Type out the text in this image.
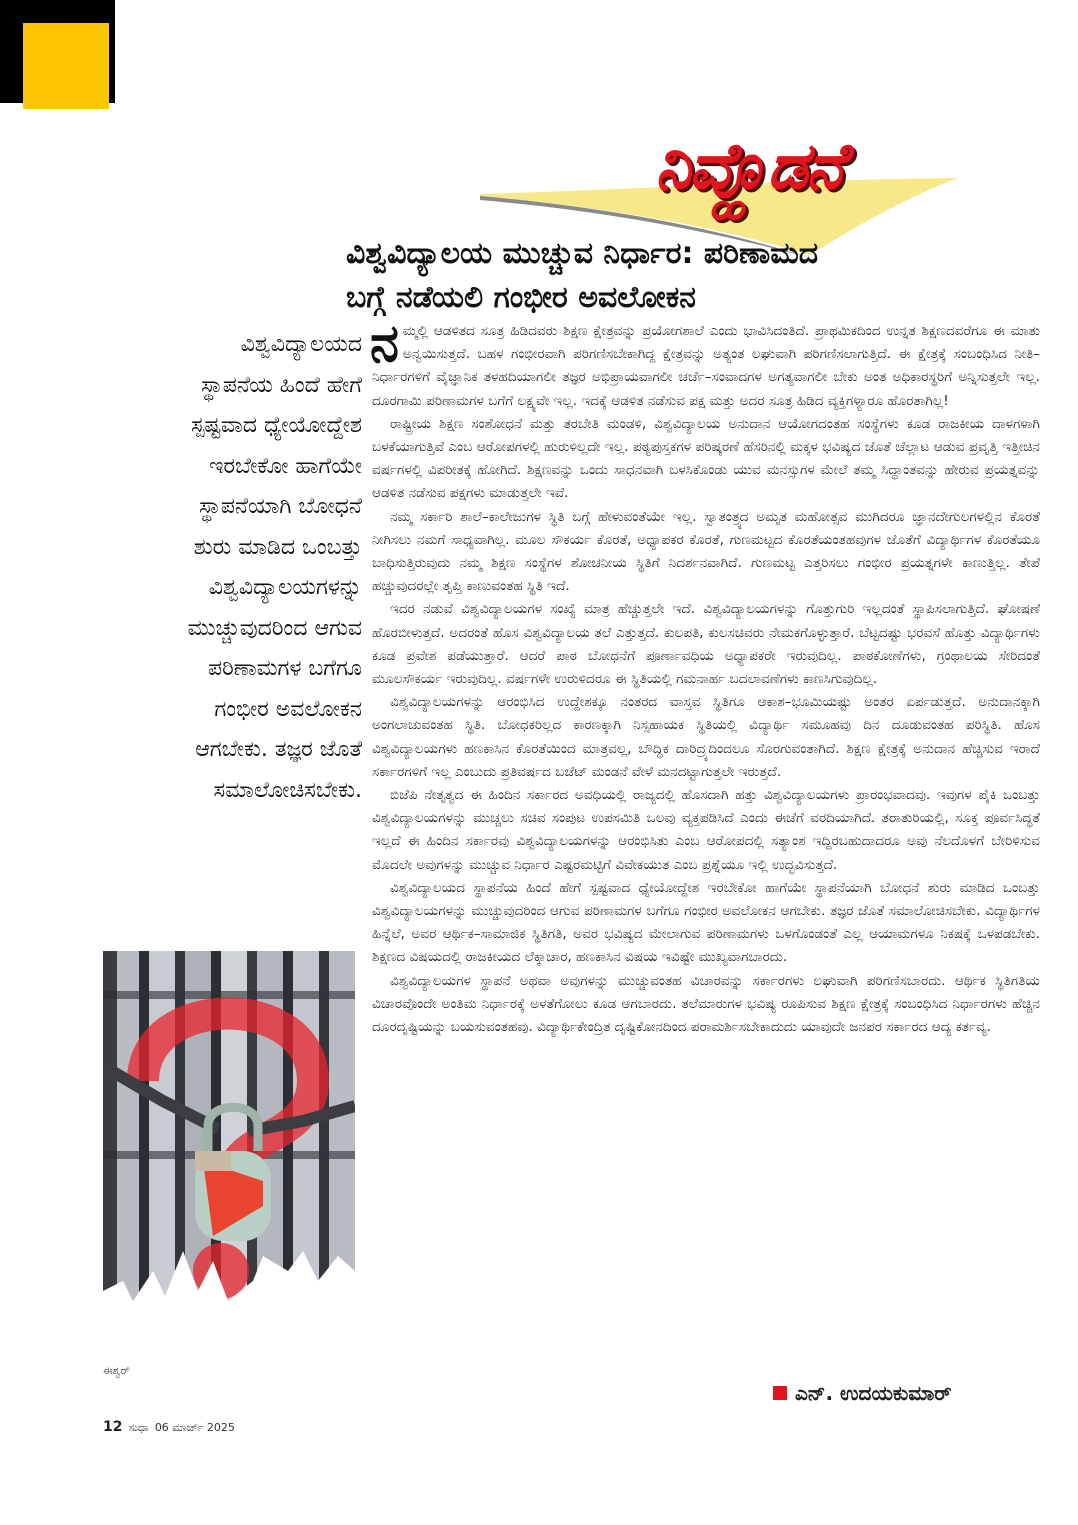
ನಿವ್ಹೊಡನೆ
ವಿಶ್ವವಿದ್ಯಾಲಯ ಮುಚ್ಚುವ ನಿರ್ಧಾರ: ಪರಿಣಾಮದ
ಬಗ್ಗೆ ನಡೆಯಲಿ ಗಂಭೀರ ಅವಲೋಕನ
ವಿಶ್ವವಿದ್ಯಾಲಯದ
ಸ್ಥಾಪನೆಯ ಹಿಂದೆ ಹೇಗೆ
ಸ್ಪಷ್ಟವಾದ ಧ್ಯೇಯೋದ್ದೇಶ
ಇರಬೇಕೋ ಹಾಗೆಯೇ
ಸ್ಥಾಪನೆಯಾಗಿ ಬೋಧನೆ
ಶುರು ಮಾಡಿದ ಒಂಬತ್ತು
ವಿಶ್ವವಿದ್ಯಾಲಯಗಳನ್ನು
ಮುಚ್ಚುವುದರಿಂದ ಆಗುವ
ಪರಿಣಾಮಗಳ ಬಗೆಗೂ
ಗಂಭೀರ ಅವಲೋಕನ
ಆಗಬೇಕು. ತಜ್ಞರ ಜೊತೆ
ಸಮಾಲೋಚಿಸಬೇಕು.

ನಮ್ಮಲ್ಲಿ ಆಡಳಿತದ ಸೂತ್ರ ಹಿಡಿದವರು ಶಿಕ್ಷಣ ಕ್ಷೇತ್ರವನ್ನು ಪ್ರಯೋಗಶಾಲೆ ಎಂದು ಭಾವಿಸಿದಂತಿದೆ. ಪ್ರಾಥಮಿಕದಿಂದ ಉನ್ನತ ಶಿಕ್ಷಣದವರೆಗೂ ಈ ಮಾತು ಅನ್ವಯಿಸುತ್ತದೆ. ಬಹಳ ಗಂಭೀರವಾಗಿ ಪರಿಗಣಿಸಬೇಕಾಗಿದ್ದ ಕ್ಷೇತ್ರವನ್ನು ಅತ್ಯಂತ ಲಘುವಾಗಿ ಪರಿಗಣಿಸಲಾಗುತ್ತಿದೆ. ಈ ಕ್ಷೇತ್ರಕ್ಕೆ ಸಂಬಂಧಿಸಿದ ನೀತಿ–ನಿರ್ಧಾರಗಳಿಗೆ ವೈಜ್ಞಾನಿಕ ತಳಹದಿಯಾಗಲೀ ತಜ್ಞರ ಅಭಿಪ್ರಾಯವಾಗಲೀ ಚರ್ಚೆ–ಸಂವಾದಗಳ ಅಗತ್ಯವಾಗಲೀ ಬೇಕು ಅಂತ ಅಧಿಕಾರಸ್ಥರಿಗೆ ಅನ್ನಿಸುತ್ತಲೇ ಇಲ್ಲ. ದೂರಗಾಮಿ ಪರಿಣಾಮಗಳ ಬಗೆಗೆ ಲಕ್ಷ್ಯವೇ ಇಲ್ಲ. ಇದಕ್ಕೆ ಆಡಳಿತ ನಡೆಸುವ ಪಕ್ಷ ಮತ್ತು ಅದರ ಸೂತ್ರ ಹಿಡಿದ ವ್ಯಕ್ತಿಗಳ್ಯಾರೂ ಹೊರತಾಗಿಲ್ಲ!

ರಾಷ್ಟ್ರೀಯ ಶಿಕ್ಷಣ ಸಂಶೋಧನೆ ಮತ್ತು ತರಬೇತಿ ಮಂಡಳಿ, ವಿಶ್ವವಿದ್ಯಾಲಯ ಅನುದಾನ ಆಯೋಗದಂತಹ ಸಂಸ್ಥೆಗಳು ಕೂಡ ರಾಜಕೀಯ ದಾಳಗಳಾಗಿ ಬಳಕೆಯಾಗುತ್ತಿವೆ ಎಂಬ ಆರೋಪಗಳಲ್ಲಿ ಹುರುಳಿಲ್ಲದೇ ಇಲ್ಲ. ಪಠ್ಯಪುಸ್ತಕಗಳ ಪರಿಷ್ಕರಣೆ ಹೆಸರಿನಲ್ಲಿ ಮಕ್ಕಳ ಭವಿಷ್ಯದ ಜೊತೆ ಚೆಲ್ಲಾಟ ಆಡುವ ಪ್ರವೃತ್ತಿ ಇತ್ತೀಚಿನ ವರ್ಷಗಳಲ್ಲಿ ವಿಪರೀತಕ್ಕೆ ಹೋಗಿದೆ. ಶಿಕ್ಷಣವನ್ನು ಒಂದು ಸಾಧನವಾಗಿ ಬಳಸಿಕೊಂಡು ಯುವ ಮನಸ್ಸುಗಳ ಮೇಲೆ ತಮ್ಮ ಸಿದ್ಧಾಂತವನ್ನು ಹೇರುವ ಪ್ರಯತ್ನವನ್ನು ಆಡಳಿತ ನಡೆಸುವ ಪಕ್ಷಗಳು ಮಾಡುತ್ತಲೇ ಇವೆ.

ನಮ್ಮ ಸರ್ಕಾರಿ ಶಾಲೆ–ಕಾಲೇಜುಗಳ ಸ್ಥಿತಿ ಬಗ್ಗೆ ಹೇಳುವಂತೆಯೇ ಇಲ್ಲ. ಸ್ವಾತಂತ್ರ್ಯದ ಅಮೃತ ಮಹೋತ್ಸವ ಮುಗಿದರೂ ಜ್ಞಾನದೇಗುಲಗಳಲ್ಲಿನ ಕೊರತೆ ನೀಗಿಸಲು ನಮಗೆ ಸಾಧ್ಯವಾಗಿಲ್ಲ. ಮೂಲ ಸೌಕರ್ಯ ಕೊರತೆ, ಅಧ್ಯಾಪಕರ ಕೊರತೆ, ಗುಣಮಟ್ಟದ ಕೊರತೆಯಂತಹವುಗಳ ಜೊತೆಗೆ ವಿದ್ಯಾರ್ಥಿಗಳ ಕೊರತೆಯೂ ಬಾಧಿಸುತ್ತಿರುವುದು ನಮ್ಮ ಶಿಕ್ಷಣ ಸಂಸ್ಥೆಗಳ ಶೋಚನೀಯ ಸ್ಥಿತಿಗೆ ನಿದರ್ಶನವಾಗಿದೆ. ಗುಣಮಟ್ಟ ಎತ್ತರಿಸಲು ಗಂಭೀರ ಪ್ರಯತ್ನಗಳೇ ಕಾಣುತ್ತಿಲ್ಲ. ತೇಪೆ ಹಚ್ಚುವುದರಲ್ಲೇ ತೃಪ್ತಿ ಕಾಣುವಂತಹ ಸ್ಥಿತಿ ಇದೆ.

ಇದರ ನಡುವೆ ವಿಶ್ವವಿದ್ಯಾಲಯಗಳ ಸಂಖ್ಯೆ ಮಾತ್ರ ಹೆಚ್ಚುತ್ತಲೇ ಇದೆ. ವಿಶ್ವವಿದ್ಯಾಲಯಗಳನ್ನು ಗೊತ್ತುಗುರಿ ಇಲ್ಲದಂತೆ ಸ್ಥಾಪಿಸಲಾಗುತ್ತಿದೆ. ಘೋಷಣೆ ಹೊರಬೀಳುತ್ತದೆ. ಅದರಂತೆ ಹೊಸ ವಿಶ್ವವಿದ್ಯಾಲಯ ತಲೆ ಎತ್ತುತ್ತದೆ. ಕುಲಪತಿ, ಕುಲಸಚಿವರು ನೇಮಕಗೊಳ್ಳುತ್ತಾರೆ. ಬೆಟ್ಟದಷ್ಟು ಭರವಸೆ ಹೊತ್ತು ವಿದ್ಯಾರ್ಥಿಗಳು ಕೂಡ ಪ್ರವೇಶ ಪಡೆಯುತ್ತಾರೆ. ಆದರೆ ಪಾಠ ಬೋಧನೆಗೆ ಪೂರ್ಣಾವಧಿಯ ಅಧ್ಯಾಪಕರೇ ಇರುವುದಿಲ್ಲ. ಪಾಠಕೋಣೆಗಳು, ಗ್ರಂಥಾಲಯ ಸೇರಿದಂತೆ ಮೂಲಸೌಕರ್ಯ ಇರುವುದಿಲ್ಲ. ವರ್ಷಗಳೇ ಉರುಳಿದರೂ ಈ ಸ್ಥಿತಿಯಲ್ಲಿ ಗಮನಾರ್ಹ ಬದಲಾವಣೆಗಳು ಕಾಣಸಿಗುವುದಿಲ್ಲ.

ವಿಶ್ವವಿದ್ಯಾಲಯಗಳನ್ನು ಆರಂಭಿಸಿದ ಉದ್ದೇಶಕ್ಕೂ ನಂತರದ ವಾಸ್ತವ ಸ್ಥಿತಿಗೂ ಆಕಾಶ–ಭೂಮಿಯಷ್ಟು ಅಂತರ ಏರ್ಪಡುತ್ತದೆ. ಅನುದಾನಕ್ಕಾಗಿ ಅಂಗಲಾಚುವಂತಹ ಸ್ಥಿತಿ. ಬೋಧಕರಿಲ್ಲದ ಕಾರಣಕ್ಕಾಗಿ ನಿಸ್ಸಹಾಯಕ ಸ್ಥಿತಿಯಲ್ಲಿ ವಿದ್ಯಾರ್ಥಿ ಸಮೂಹವು ದಿನ ದೂಡುವಂತಹ ಪರಿಸ್ಥಿತಿ. ಹೊಸ ವಿಶ್ವವಿದ್ಯಾಲಯಗಳು ಹಣಕಾಸಿನ ಕೊರತೆಯಿಂದ ಮಾತ್ರವಲ್ಲ, ಬೌದ್ಧಿಕ ದಾರಿದ್ರ್ಯದಿಂದಲೂ ಸೊರಗುವಂತಾಗಿದೆ. ಶಿಕ್ಷಣ ಕ್ಷೇತ್ರಕ್ಕೆ ಅನುದಾನ ಹೆಚ್ಚಿಸುವ ಇರಾದೆ ಸರ್ಕಾರಗಳಿಗೆ ಇಲ್ಲ ಎಂಬುದು ಪ್ರತಿವರ್ಷದ ಬಜೆಟ್ ಮಂಡನೆ ವೇಳೆ ಮನದಟ್ಟಾಗುತ್ತಲೇ ಇರುತ್ತದೆ.

ಬಿಜೆಪಿ ನೇತೃತ್ವದ ಈ ಹಿಂದಿನ ಸರ್ಕಾರದ ಅವಧಿಯಲ್ಲಿ ರಾಜ್ಯದಲ್ಲಿ ಹೊಸದಾಗಿ ಹತ್ತು ವಿಶ್ವವಿದ್ಯಾಲಯಗಳು ಪ್ರಾರಂಭವಾದವು. ಇವುಗಳ ಪೈಕಿ ಒಂಬತ್ತು ವಿಶ್ವವಿದ್ಯಾಲಯಗಳನ್ನು ಮುಚ್ಚಲು ಸಚಿವ ಸಂಪುಟ ಉಪಸಮಿತಿ ಒಲವು ವ್ಯಕ್ತಪಡಿಸಿದೆ ಎಂದು ಈಚೆಗೆ ವರದಿಯಾಗಿದೆ. ತರಾತುರಿಯಲ್ಲಿ, ಸೂಕ್ತ ಪೂರ್ವಸಿದ್ಧತೆ ಇಲ್ಲದೆ ಈ ಹಿಂದಿನ ಸರ್ಕಾರವು ವಿಶ್ವವಿದ್ಯಾಲಯಗಳನ್ನು ಆರಂಭಿಸಿತು ಎಂಬ ಆರೋಪದಲ್ಲಿ ಸತ್ಯಾಂಶ ಇದ್ದಿರಬಹುದಾದರೂ ಅವು ನೆಲದೊಳಗೆ ಬೇರಿಳಿಸುವ ಮೊದಲೇ ಅವುಗಳನ್ನು ಮುಚ್ಚುವ ನಿರ್ಧಾರ ಎಷ್ಟರಮಟ್ಟಿಗೆ ವಿವೇಕಯುತ ಎಂಬ ಪ್ರಶ್ನೆಯೂ ಇಲ್ಲಿ ಉದ್ಭವಿಸುತ್ತದೆ.

ವಿಶ್ವವಿದ್ಯಾಲಯದ ಸ್ಥಾಪನೆಯ ಹಿಂದೆ ಹೇಗೆ ಸ್ಪಷ್ಟವಾದ ಧ್ಯೇಯೋದ್ದೇಶ ಇರಬೇಕೋ ಹಾಗೆಯೇ ಸ್ಥಾಪನೆಯಾಗಿ ಬೋಧನೆ ಶುರು ಮಾಡಿದ ಒಂಬತ್ತು ವಿಶ್ವವಿದ್ಯಾಲಯಗಳನ್ನು ಮುಚ್ಚುವುದರಿಂದ ಆಗುವ ಪರಿಣಾಮಗಳ ಬಗೆಗೂ ಗಂಭೀರ ಅವಲೋಕನ ಆಗಬೇಕು. ತಜ್ಞರ ಜೊತೆ ಸಮಾಲೋಚಿಸಬೇಕು. ವಿದ್ಯಾರ್ಥಿಗಳ ಹಿನ್ನೆಲೆ, ಅವರ ಆರ್ಥಿಕ–ಸಾಮಾಜಿಕ ಸ್ಥಿತಿಗತಿ, ಅವರ ಭವಿಷ್ಯದ ಮೇಲಾಗುವ ಪರಿಣಾಮಗಳು ಒಳಗೊಂಡಂತೆ ಎಲ್ಲ ಆಯಾಮಗಳೂ ನಿಕಷಕ್ಕೆ ಒಳಪಡಬೇಕು. ಶಿಕ್ಷಣದ ವಿಷಯದಲ್ಲಿ ರಾಜಕೀಯದ ಲೆಕ್ಕಾಚಾರ, ಹಣಕಾಸಿನ ವಿಷಯ ಇವಿಷ್ಟೇ ಮುಖ್ಯವಾಗಬಾರದು.

ವಿಶ್ವವಿದ್ಯಾಲಯಗಳ ಸ್ಥಾಪನೆ ಅಥವಾ ಅವುಗಳನ್ನು ಮುಚ್ಚುವಂತಹ ವಿಚಾರವನ್ನು ಸರ್ಕಾರಗಳು ಲಘುವಾಗಿ ಪರಿಗಣಿಸಬಾರದು. ಆರ್ಥಿಕ ಸ್ಥಿತಿಗತಿಯ ವಿಚಾರವೊಂದೇ ಅಂತಿಮ ನಿರ್ಧಾರಕ್ಕೆ ಅಳತೆಗೋಲು ಕೂಡ ಆಗಬಾರದು. ತಲೆಮಾರುಗಳ ಭವಿಷ್ಯ ರೂಪಿಸುವ ಶಿಕ್ಷಣ ಕ್ಷೇತ್ರಕ್ಕೆ ಸಂಬಂಧಿಸಿದ ನಿರ್ಧಾರಗಳು ಹೆಚ್ಚಿನ ದೂರದೃಷ್ಟಿಯನ್ನು ಬಯಸುವಂತಹವು. ವಿದ್ಯಾರ್ಥಿಕೇಂದ್ರಿತ ದೃಷ್ಟಿಕೋನದಿಂದ ಪರಾಮರ್ಶಿಸಬೇಕಾದುದು ಯಾವುದೇ ಜನಪರ ಸರ್ಕಾರದ ಆದ್ಯ ಕರ್ತವ್ಯ.

ಈಶ್ವರ್
ಎನ್. ಉದಯಕುಮಾರ್
12 ಸುಧಾ 06 ಮಾರ್ಚ್ 2025
